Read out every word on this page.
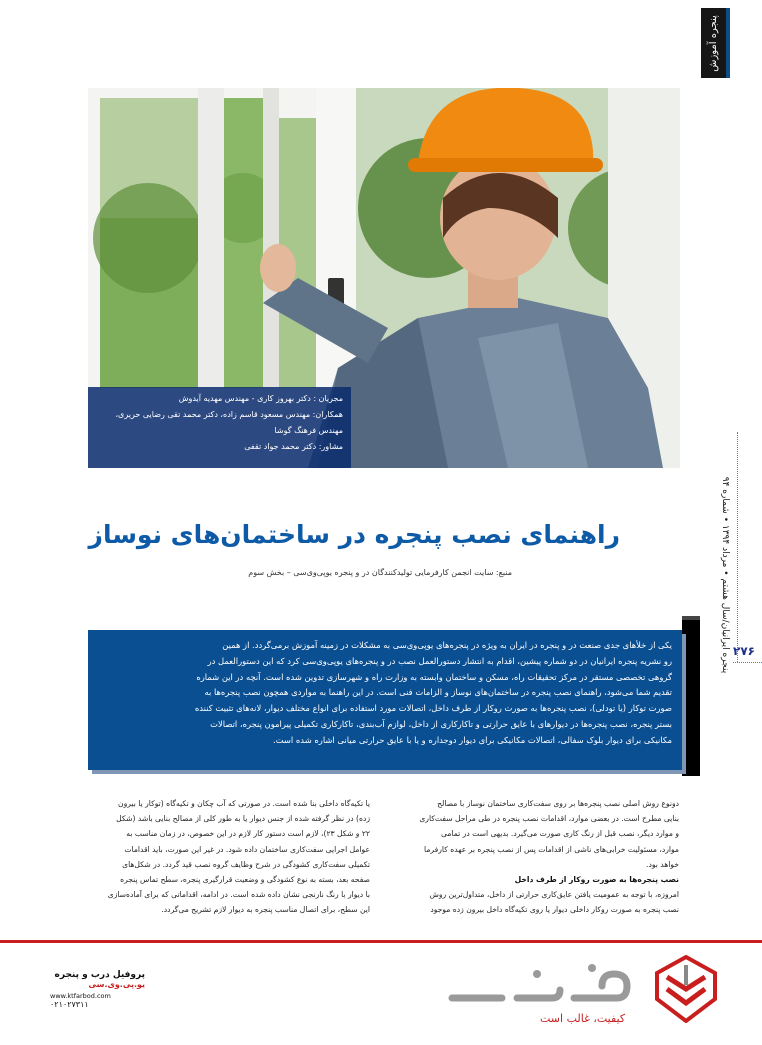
پنجره آموزش
مجریان : دکتر بهروز کاری - مهندس مهدیه آیدوش
همکاران: مهندس مسعود قاسم زاده، دکتر محمد تقی رضایی حریری،
مهندس فرهنگ گوشا
مشاور: دکتر محمد جواد تقفی
پنجره ایرانیان/سال هشتم • مرداد ۱۳۹۴ • شماره ۹۴ ۲۷۶
راهنمای نصب پنجره در ساختمان‌های نوساز
منبع: سایت انجمن کارفرمایی تولیدکنندگان در و پنجره یوپی‌وی‌سی – بخش سوم
اشاره:
یکی از خلأهای جدی صنعت در و پنجره در ایران به ویژه در پنجره‌های یوپی‌وی‌سی به مشکلات در زمینه آموزش برمی‌گردد. از همین
رو نشریه پنجره ایرانیان در دو شماره پیشین، اقدام به انتشار دستورالعمل نصب در و پنجره‌های یوپی‌وی‌سی کرد که این دستورالعمل در
گروهی تخصصی مستقر در مرکز تحقیقات راه، مسکن و ساختمان وابسته به وزارت راه و شهرسازی تدوین شده است. آنچه در این شماره
تقدیم شما می‌شود، راهنمای نصب پنجره در ساختمان‌های نوساز و الزامات فنی است. در این راهنما به مواردی همچون نصب پنجره‌ها به
صورت توکار (یا تودلی)، نصب پنجره‌ها به صورت روکار از طرف داخل، اتصالات مورد استفاده برای انواع مختلف دیوار، لانه‌های تثبیت کننده
بستر پنجره، نصب پنجره‌ها در دیوارهای با عایق حرارتی و تاکارکاری از داخل، لوازم آب‌بندی، تاکارکاری تکمیلی پیرامون پنجره، اتصالات
مکانیکی برای دیوار بلوک سفالی، اتصالات مکانیکی برای دیوار دوجداره و یا با عایق حرارتی میانی اشاره شده است.
دونوع روش اصلی نصب پنجره‌ها بر روی سفت‌کاری ساختمان نوساز با مصالح
بنایی مطرح است. در بعضی موارد، اقدامات نصب پنجره در طی مراحل سفت‌کاری
و موارد دیگر، نصب قبل از رنگ کاری صورت می‌گیرد. بدیهی است در تمامی
موارد، مسئولیت خرابی‌های ناشی از اقدامات پس از نصب پنجره بر عهده کارفرما
خواهد بود.
نصب پنجره‌ها به صورت روکار از طرف داخل
امروزه، با توجه به عمومیت یافتن عایق‌کاری حرارتی از داخل، متداول‌ترین روش
نصب پنجره به صورت روکار داخلی دیوار یا روی تکیه‌گاه داخل بیرون زده موجود
یا تکیه‌گاه داخلی بنا شده است. در صورتی که آب چکان و تکیه‌گاه (توکار یا بیرون
زده) در نظر گرفته شده از جنس دیوار یا به طور کلی از مصالح بنایی باشد (شکل
۲۲ و شکل ۲۳)، لازم است دستور کار لازم در این خصوص، در زمان مناسب به
عوامل اجرایی سفت‌کاری ساختمان داده شود. در غیر این صورت، باید اقدامات
تکمیلی سفت‌کاری کشودگی در شرح وظایف گروه نصب قید گردد. در شکل‌های
صفحه بعد، بسته به نوع کشودگی و وضعیت قرارگیری پنجره، سطح تماس پنجره
با دیوار با رنگ نارنجی نشان داده شده است. در ادامه، اقداماتی که برای آماده‌سازی
این سطح، برای اتصال مناسب پنجره به دیوار لازم تشریح می‌گردد.
کیفیت، غالب است
پروفیل درب و پنجره
یو.پی.وی.سی
www.ktfarbod.com
۰۲۱۰۲۷۳۱۱
